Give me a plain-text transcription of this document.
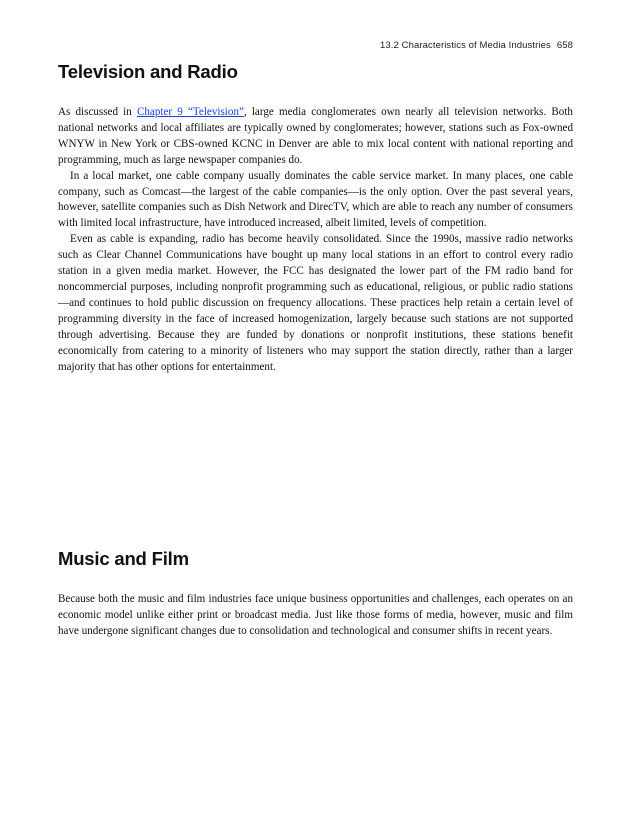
13.2 Characteristics of Media Industries 658
Television and Radio

As discussed in Chapter 9 “Television”, large media conglomerates own nearly all television networks. Both national networks and local affiliates are typically owned by conglomerates; however, stations such as Fox-owned WNYW in New York or CBS-owned KCNC in Denver are able to mix local content with national reporting and programming, much as large newspaper companies do.

In a local market, one cable company usually dominates the cable service market. In many places, one cable company, such as Comcast—the largest of the cable companies—is the only option. Over the past several years, however, satellite companies such as Dish Network and DirecTV, which are able to reach any number of consumers with limited local infrastructure, have introduced increased, albeit limited, levels of competition.

Even as cable is expanding, radio has become heavily consolidated. Since the 1990s, massive radio networks such as Clear Channel Communications have bought up many local stations in an effort to control every radio station in a given media market. However, the FCC has designated the lower part of the FM radio band for noncommercial purposes, including nonprofit programming such as educational, religious, or public radio stations—and continues to hold public discussion on frequency allocations. These practices help retain a certain level of programming diversity in the face of increased homogenization, largely because such stations are not supported through advertising. Because they are funded by donations or nonprofit institutions, these stations benefit economically from catering to a minority of listeners who may support the station directly, rather than a larger majority that has other options for entertainment.

Music and Film

Because both the music and film industries face unique business opportunities and challenges, each operates on an economic model unlike either print or broadcast media. Just like those forms of media, however, music and film have undergone significant changes due to consolidation and technological and consumer shifts in recent years.
